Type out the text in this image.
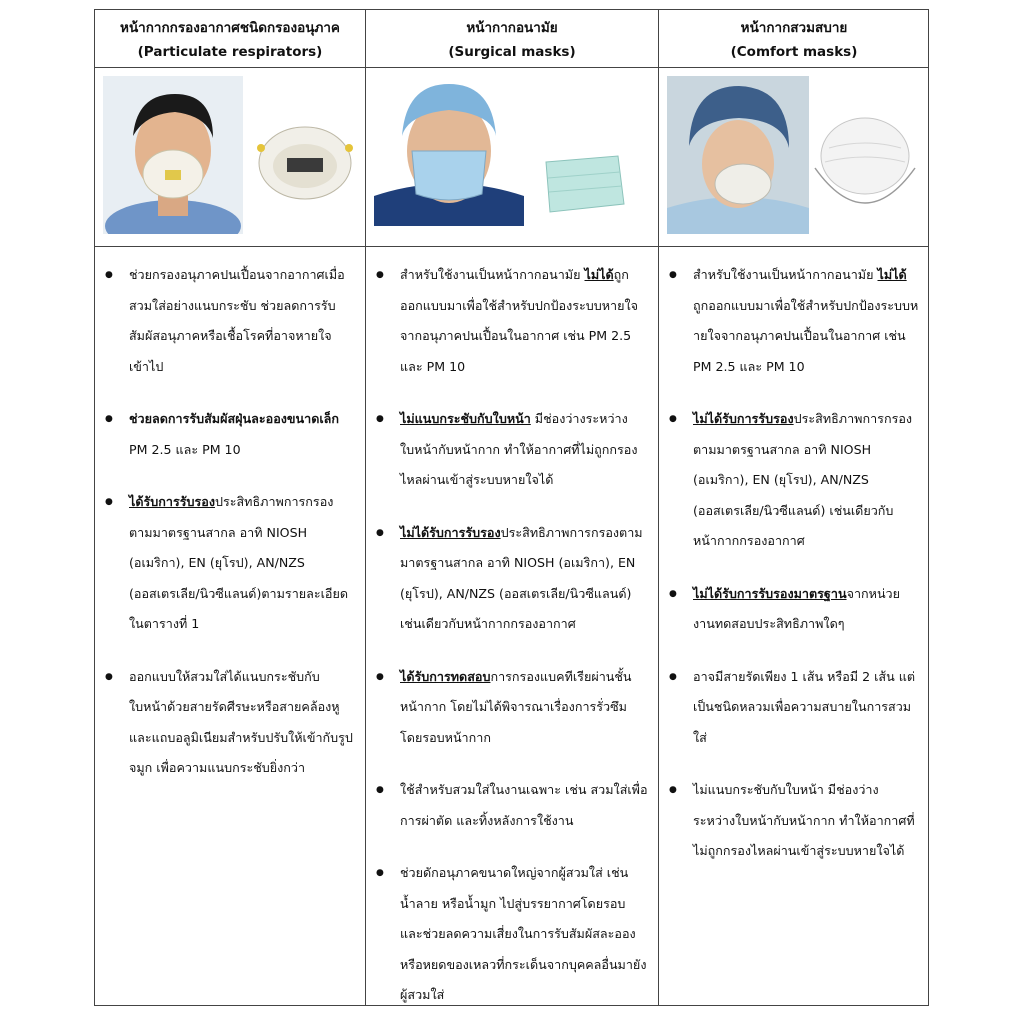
หน้ากากกรองอากาศชนิดกรองอนุภาค
(Particulate respirators)
หน้ากากอนามัย
(Surgical masks)
หน้ากากสวมสบาย
(Comfort masks)
● ช่วยกรองอนุภาคปนเปื้อนจากอากาศเมื่อสวมใส่อย่างแนบกระชับ ช่วยลดการรับสัมผัสอนุภาคหรือเชื้อโรคที่อาจหายใจเข้าไป
● ช่วยลดการรับสัมผัสฝุ่นละอองขนาดเล็ก PM 2.5 และ PM 10
● ได้รับการรับรองประสิทธิภาพการกรองตามมาตรฐานสากล อาทิ NIOSH (อเมริกา), EN (ยุโรป), AN/NZS (ออสเตรเลีย/นิวซีแลนด์)ตามรายละเอียดในตารางที่ 1
● ออกแบบให้สวมใส่ได้แนบกระชับกับใบหน้าด้วยสายรัดศีรษะหรือสายคล้องหูและแถบอลูมิเนียมสำหรับปรับให้เข้ากับรูปจมูก เพื่อความแนบกระชับยิ่งกว่า
● สำหรับใช้งานเป็นหน้ากากอนามัย ไม่ได้ถูกออกแบบมาเพื่อใช้สำหรับปกป้องระบบหายใจจากอนุภาคปนเปื้อนในอากาศ เช่น PM 2.5 และ PM 10
● ไม่แนบกระชับกับใบหน้า มีช่องว่างระหว่างใบหน้ากับหน้ากาก ทำให้อากาศที่ไม่ถูกกรองไหลผ่านเข้าสู่ระบบหายใจได้
● ไม่ได้รับการรับรองประสิทธิภาพการกรองตามมาตรฐานสากล อาทิ NIOSH (อเมริกา), EN (ยุโรป), AN/NZS (ออสเตรเลีย/นิวซีแลนด์) เช่นเดียวกับหน้ากากกรองอากาศ
● ได้รับการทดสอบการกรองแบคทีเรียผ่านชั้นหน้ากาก โดยไม่ได้พิจารณาเรื่องการรั่วซึมโดยรอบหน้ากาก
● ใช้สำหรับสวมใส่ในงานเฉพาะ เช่น สวมใส่เพื่อการผ่าตัด และทิ้งหลังการใช้งาน
● ช่วยดักอนุภาคขนาดใหญ่จากผู้สวมใส่ เช่น น้ำลาย หรือน้ำมูก ไปสู่บรรยากาศโดยรอบ และช่วยลดความเสี่ยงในการรับสัมผัสละอองหรือหยดของเหลวที่กระเด็นจากบุคคลอื่นมายังผู้สวมใส่
● สำหรับใช้งานเป็นหน้ากากอนามัย ไม่ได้ถูกออกแบบมาเพื่อใช้สำหรับปกป้องระบบห ายใจจากอนุภาคปนเปื้อนในอากาศ เช่น PM 2.5 และ PM 10
● ไม่ได้รับการรับรองประสิทธิภาพการกรองตามมาตรฐานสากล อาทิ NIOSH (อเมริกา), EN (ยุโรป), AN/NZS (ออสเตรเลีย/นิวซีแลนด์) เช่นเดียวกับหน้ากากกรองอากาศ
● ไม่ได้รับการรับรองมาตรฐานจากหน่วยงานทดสอบประสิทธิภาพใดๆ
● อาจมีสายรัดเพียง 1 เส้น หรือมี 2 เส้น แต่เป็นชนิดหลวมเพื่อความสบายในการสวมใส่
● ไม่แนบกระชับกับใบหน้า มีช่องว่างระหว่างใบหน้ากับหน้ากาก ทำให้อากาศที่ไม่ถูกกรองไหลผ่านเข้าสู่ระบบหายใจได้
